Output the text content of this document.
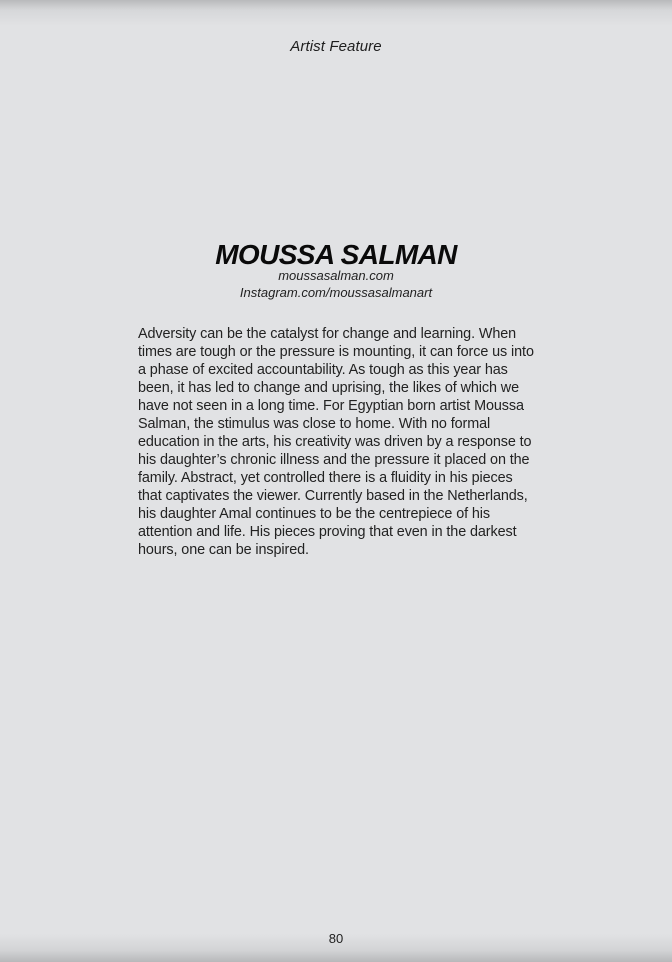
Artist Feature
MOUSSA SALMAN

moussasalman.com

Instagram.com/moussasalmanart

Adversity can be the catalyst for change and learning. When times are tough or the pressure is mounting, it can force us into a phase of excited accountability. As tough as this year has been, it has led to change and uprising, the likes of which we have not seen in a long time. For Egyptian born artist Moussa Salman, the stimulus was close to home. With no formal education in the arts, his creativity was driven by a response to his daughter’s chronic illness and the pressure it placed on the family. Abstract, yet controlled there is a fluidity in his pieces that captivates the viewer. Currently based in the Netherlands, his daughter Amal continues to be the centrepiece of his attention and life. His pieces proving that even in the darkest hours, one can be inspired.

80
